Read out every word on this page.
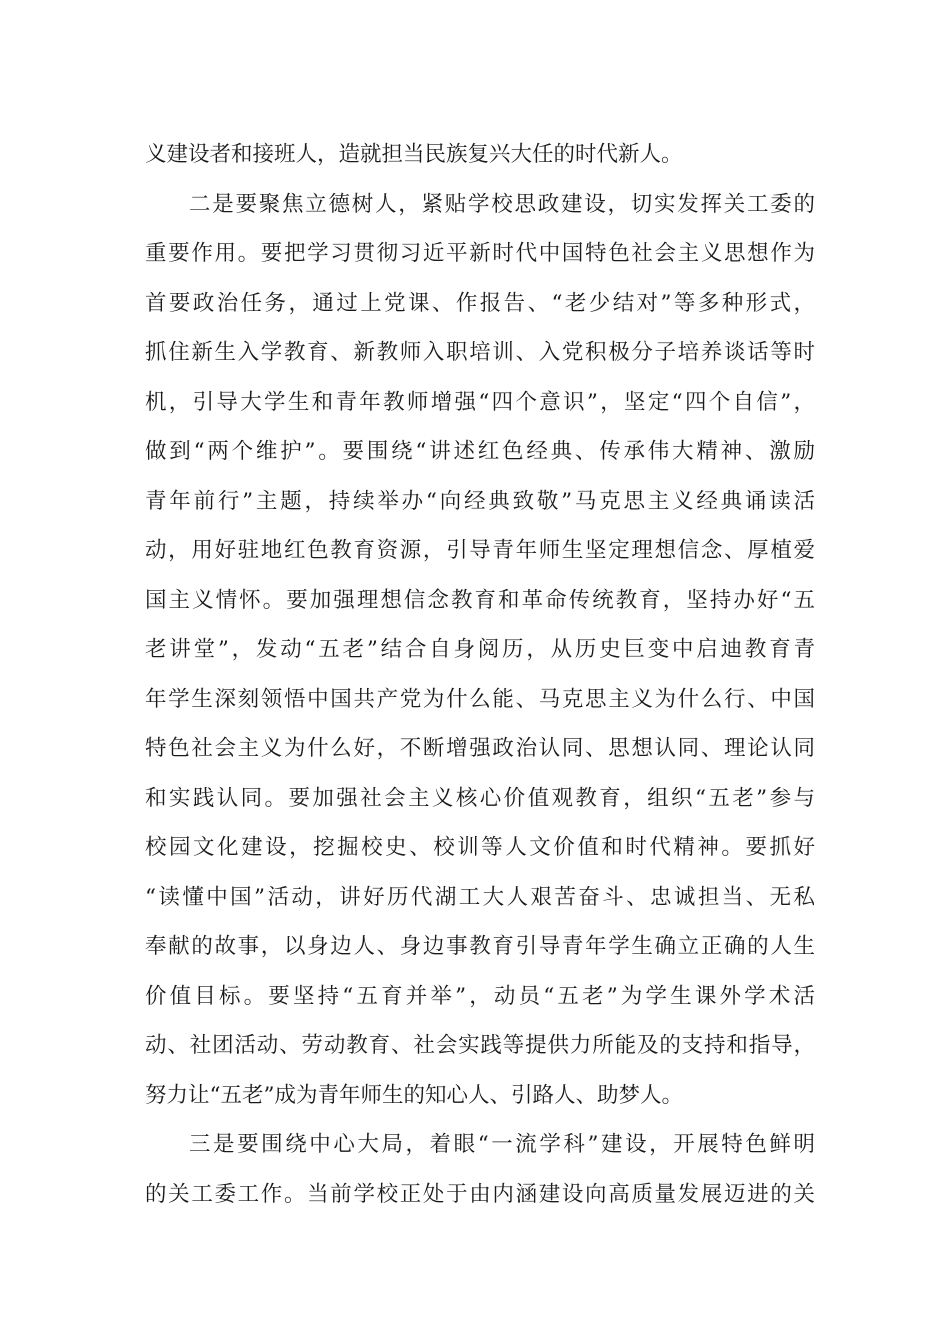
义建设者和接班人，造就担当民族复兴大任的时代新人。
二是要聚焦立德树人，紧贴学校思政建设，切实发挥关工委的
重要作用。要把学习贯彻习近平新时代中国特色社会主义思想作为
首要政治任务，通过上党课、作报告、“老少结对”等多种形式，
抓住新生入学教育、新教师入职培训、入党积极分子培养谈话等时
机，引导大学生和青年教师增强“四个意识”，坚定“四个自信”，
做到“两个维护”。要围绕“讲述红色经典、传承伟大精神、激励
青年前行”主题，持续举办“向经典致敬”马克思主义经典诵读活
动，用好驻地红色教育资源，引导青年师生坚定理想信念、厚植爱
国主义情怀。要加强理想信念教育和革命传统教育，坚持办好“五
老讲堂”，发动“五老”结合自身阅历，从历史巨变中启迪教育青
年学生深刻领悟中国共产党为什么能、马克思主义为什么行、中国
特色社会主义为什么好，不断增强政治认同、思想认同、理论认同
和实践认同。要加强社会主义核心价值观教育，组织“五老”参与
校园文化建设，挖掘校史、校训等人文价值和时代精神。要抓好
“读懂中国”活动，讲好历代湖工大人艰苦奋斗、忠诚担当、无私
奉献的故事，以身边人、身边事教育引导青年学生确立正确的人生
价值目标。要坚持“五育并举”，动员“五老”为学生课外学术活
动、社团活动、劳动教育、社会实践等提供力所能及的支持和指导，
努力让“五老”成为青年师生的知心人、引路人、助梦人。
三是要围绕中心大局，着眼“一流学科”建设，开展特色鲜明
的关工委工作。当前学校正处于由内涵建设向高质量发展迈进的关
